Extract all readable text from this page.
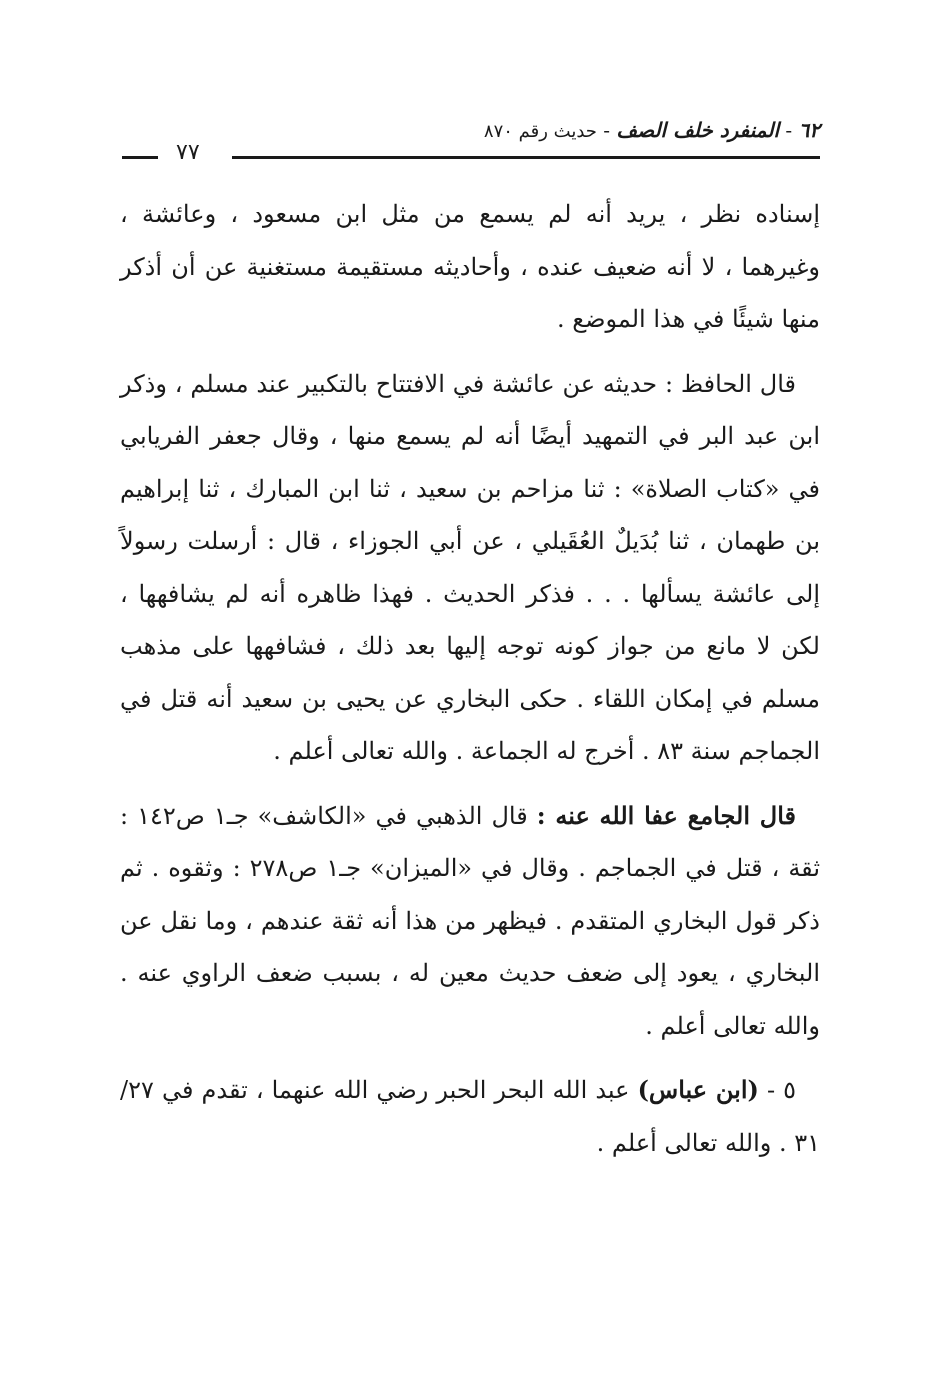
٦٢ - المنفرد خلف الصف - حديث رقم ٨٧٠
٧٧

إسناده نظر ، يريد أنه لم يسمع من مثل ابن مسعود ، وعائشة ، وغيرهما ، لا أنه ضعيف عنده ، وأحاديثه مستقيمة مستغنية عن أن أذكر منها شيئًا في هذا الموضع .

قال الحافظ : حديثه عن عائشة في الافتتاح بالتكبير عند مسلم ، وذكر ابن عبد البر في التمهيد أيضًا أنه لم يسمع منها ، وقال جعفر الفريابي في «كتاب الصلاة» : ثنا مزاحم بن سعيد ، ثنا ابن المبارك ، ثنا إبراهيم بن طهمان ، ثنا بُدَيلٌ العُقَيلي ، عن أبي الجوزاء ، قال : أرسلت رسولاً إلى عائشة يسألها . . . فذكر الحديث . فهذا ظاهره أنه لم يشافهها ، لكن لا مانع من جواز كونه توجه إليها بعد ذلك ، فشافهها على مذهب مسلم في إمكان اللقاء . حكى البخاري عن يحيى بن سعيد أنه قتل في الجماجم سنة ٨٣ . أخرج له الجماعة . والله تعالى أعلم .

قال الجامع عفا الله عنه : قال الذهبي في «الكاشف» جـ١ ص١٤٢ : ثقة ، قتل في الجماجم . وقال في «الميزان» جـ١ ص٢٧٨ : وثقوه . ثم ذكر قول البخاري المتقدم . فيظهر من هذا أنه ثقة عندهم ، وما نقل عن البخاري ، يعود إلى ضعف حديث معين له ، بسبب ضعف الراوي عنه . والله تعالى أعلم .

٥ - (ابن عباس) عبد الله البحر الحبر رضي الله عنهما ، تقدم في ٢٧/ ٣١ . والله تعالى أعلم .
